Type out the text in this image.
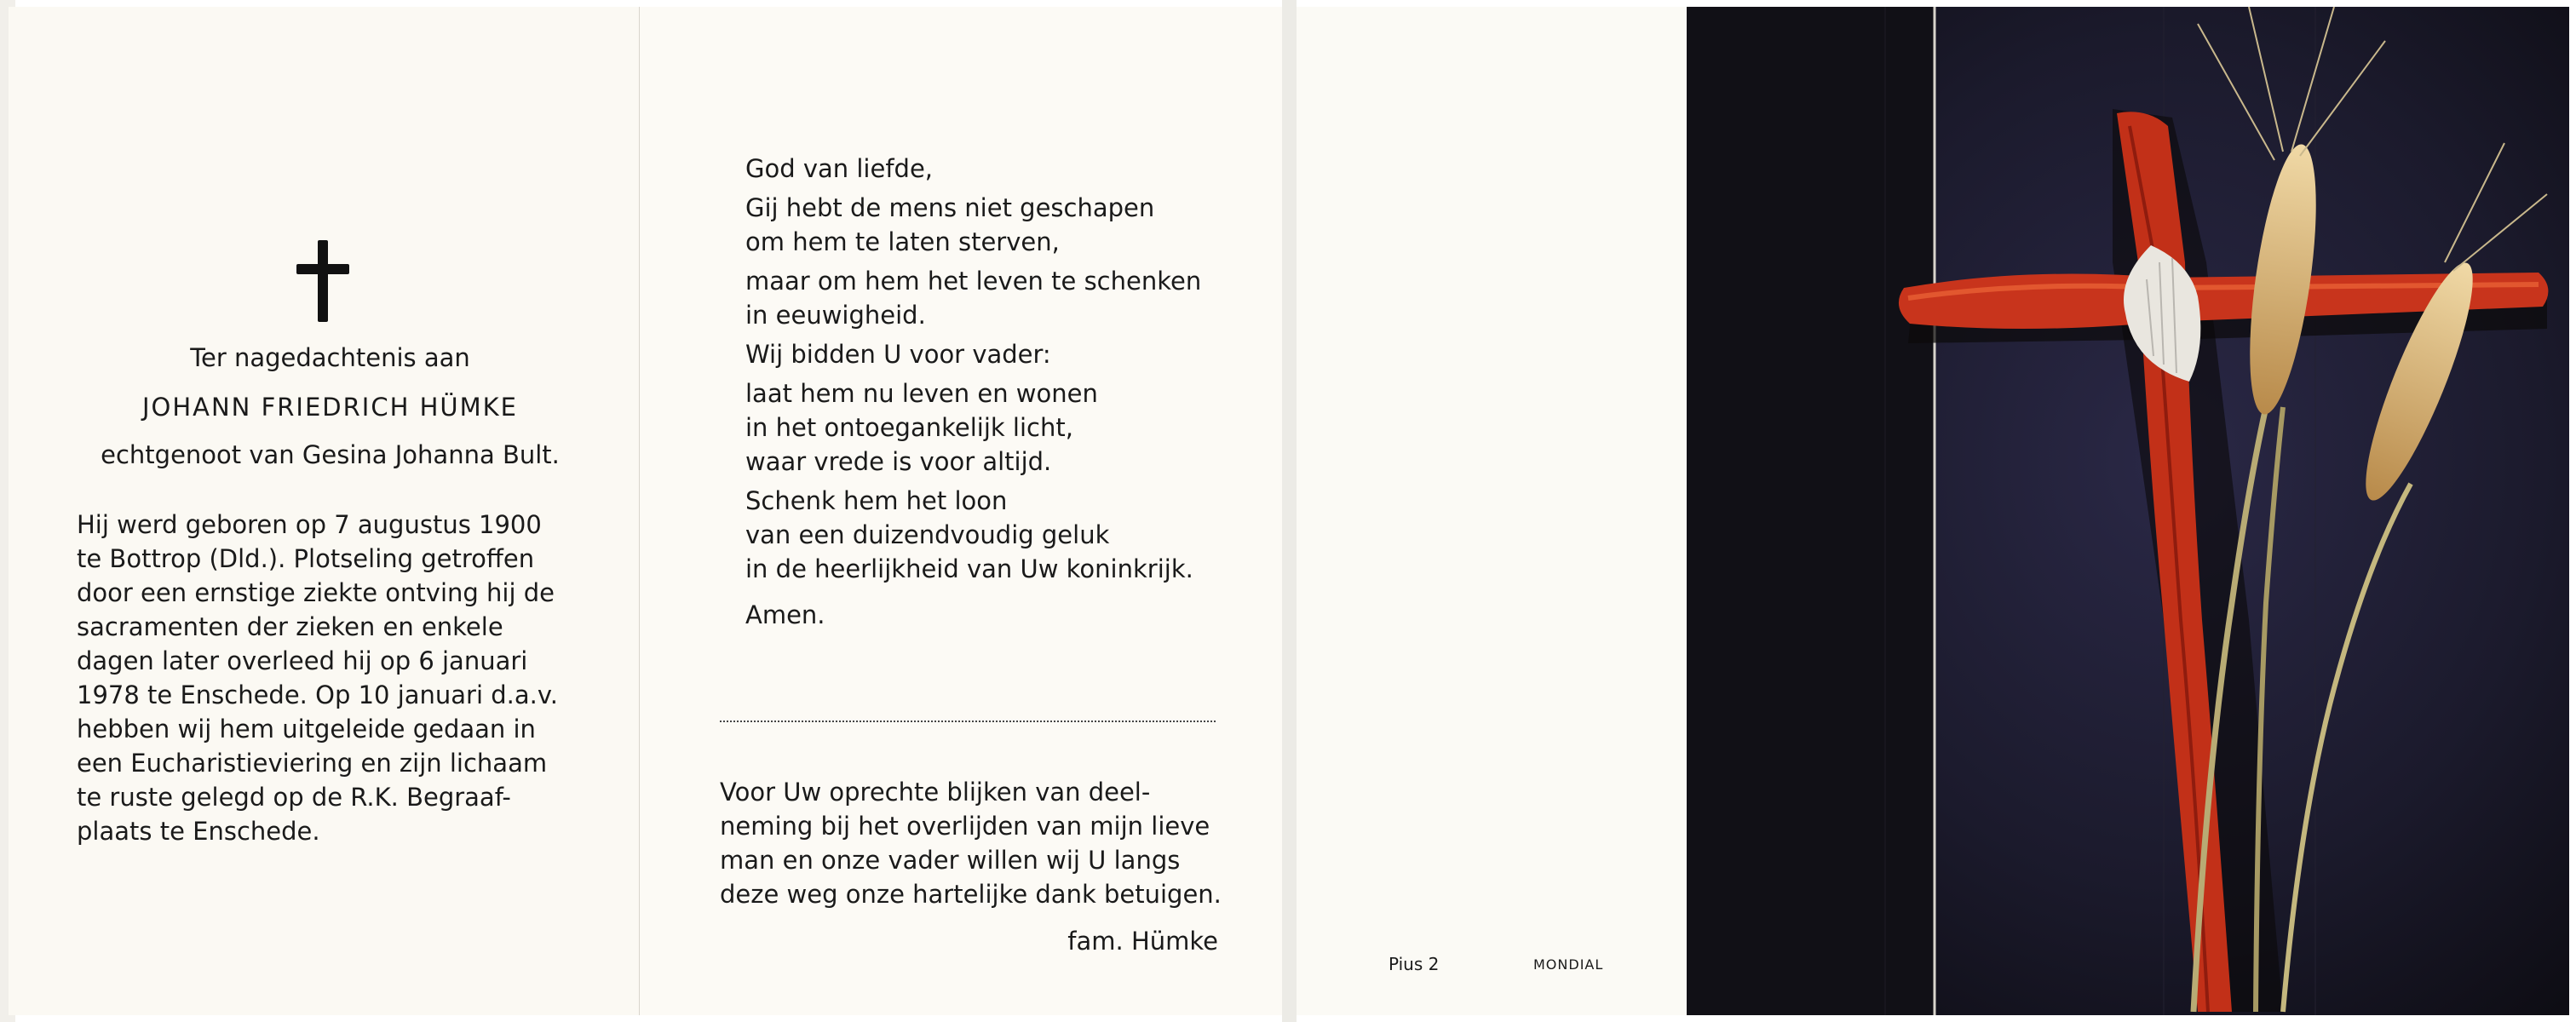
Ter nagedachtenis aan
JOHANN FRIEDRICH HÜMKE
echtgenoot van Gesina Johanna Bult.
Hij werd geboren op 7 augustus 1900
te Bottrop (Dld.). Plotseling getroffen
door een ernstige ziekte ontving hij de
sacramenten der zieken en enkele
dagen later overleed hij op 6 januari
1978 te Enschede. Op 10 januari d.a.v.
hebben wij hem uitgeleide gedaan in
een Eucharistieviering en zijn lichaam
te ruste gelegd op de R.K. Begraaf-
plaats te Enschede.
God van liefde,
Gij hebt de mens niet geschapen
om hem te laten sterven,
maar om hem het leven te schenken
in eeuwigheid.
Wij bidden U voor vader:
laat hem nu leven en wonen
in het ontoegankelijk licht,
waar vrede is voor altijd.
Schenk hem het loon
van een duizendvoudig geluk
in de heerlijkheid van Uw koninkrijk.
Amen.
Voor Uw oprechte blijken van deel-
neming bij het overlijden van mijn lieve
man en onze vader willen wij U langs
deze weg onze hartelijke dank betuigen.
fam. Hümke
Pius 2	MONDIAL
